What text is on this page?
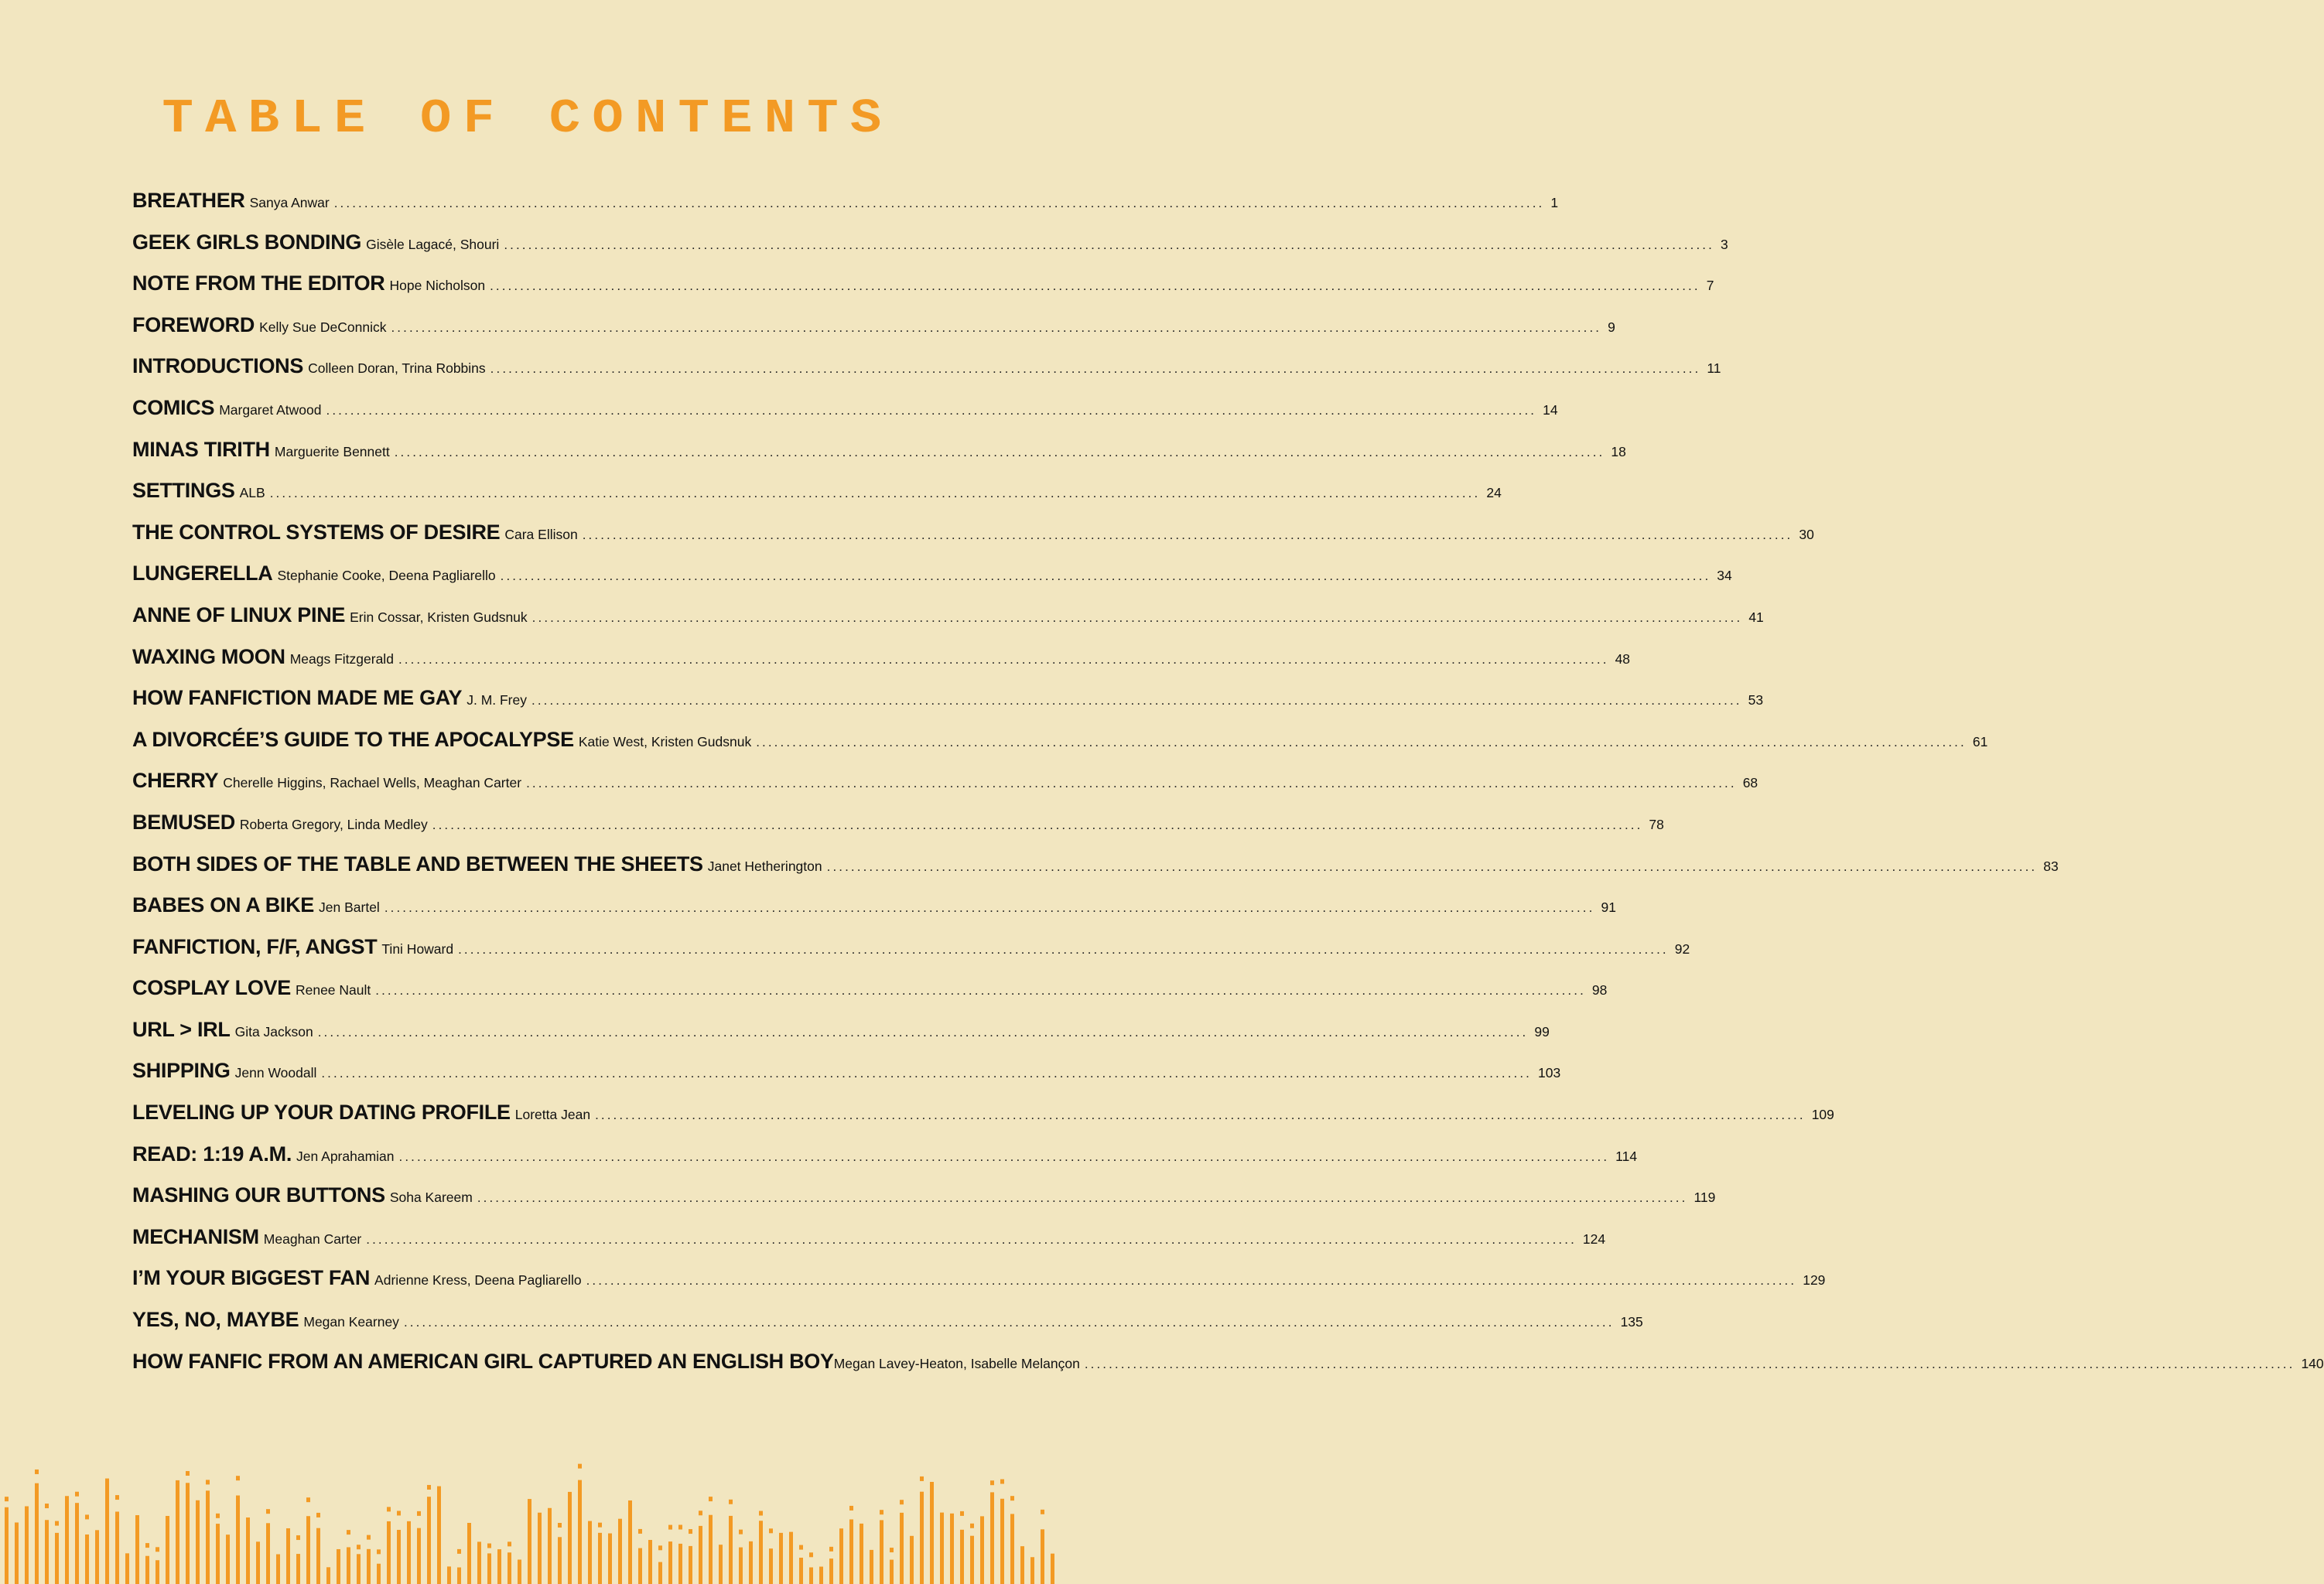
TABLE OF CONTENTS
BREATHER Sanya Anwar ........................................................................................................................................................................................................ 1
GEEK GIRLS BONDING Gisèle Lagacé, Shouri ........................................................................................................................................................................................................ 3
NOTE FROM THE EDITOR Hope Nicholson ........................................................................................................................................................................................................ 7
FOREWORD Kelly Sue DeConnick ........................................................................................................................................................................................................ 9
INTRODUCTIONS Colleen Doran, Trina Robbins ........................................................................................................................................................................................................ 11
COMICS Margaret Atwood ........................................................................................................................................................................................................ 14
MINAS TIRITH Marguerite Bennett ........................................................................................................................................................................................................ 18
SETTINGS ALB ........................................................................................................................................................................................................ 24
THE CONTROL SYSTEMS OF DESIRE Cara Ellison ........................................................................................................................................................................................................ 30
LUNGERELLA Stephanie Cooke, Deena Pagliarello ........................................................................................................................................................................................................ 34
ANNE OF LINUX PINE Erin Cossar, Kristen Gudsnuk ........................................................................................................................................................................................................ 41
WAXING MOON Meags Fitzgerald ........................................................................................................................................................................................................ 48
HOW FANFICTION MADE ME GAY J. M. Frey ........................................................................................................................................................................................................ 53
A DIVORCÉE’S GUIDE TO THE APOCALYPSE Katie West, Kristen Gudsnuk ........................................................................................................................................................................................................ 61
CHERRY Cherelle Higgins, Rachael Wells, Meaghan Carter ........................................................................................................................................................................................................ 68
BEMUSED Roberta Gregory, Linda Medley ........................................................................................................................................................................................................ 78
BOTH SIDES OF THE TABLE AND BETWEEN THE SHEETS Janet Hetherington ........................................................................................................................................................................................................ 83
BABES ON A BIKE Jen Bartel ........................................................................................................................................................................................................ 91
FANFICTION, F/F, ANGST Tini Howard ........................................................................................................................................................................................................ 92
COSPLAY LOVE Renee Nault ........................................................................................................................................................................................................ 98
URL > IRL Gita Jackson ........................................................................................................................................................................................................ 99
SHIPPING Jenn Woodall ........................................................................................................................................................................................................ 103
LEVELING UP YOUR DATING PROFILE Loretta Jean ........................................................................................................................................................................................................ 109
READ: 1:19 A.M. Jen Aprahamian ........................................................................................................................................................................................................ 114
MASHING OUR BUTTONS Soha Kareem ........................................................................................................................................................................................................ 119
MECHANISM Meaghan Carter ........................................................................................................................................................................................................ 124
I’M YOUR BIGGEST FAN Adrienne Kress, Deena Pagliarello ........................................................................................................................................................................................................ 129
YES, NO, MAYBE Megan Kearney ........................................................................................................................................................................................................ 135
HOW FANFIC FROM AN AMERICAN GIRL CAPTURED AN ENGLISH BOY Megan Lavey-Heaton, Isabelle Melançon ........................................................................................................................................................................................................ 140
